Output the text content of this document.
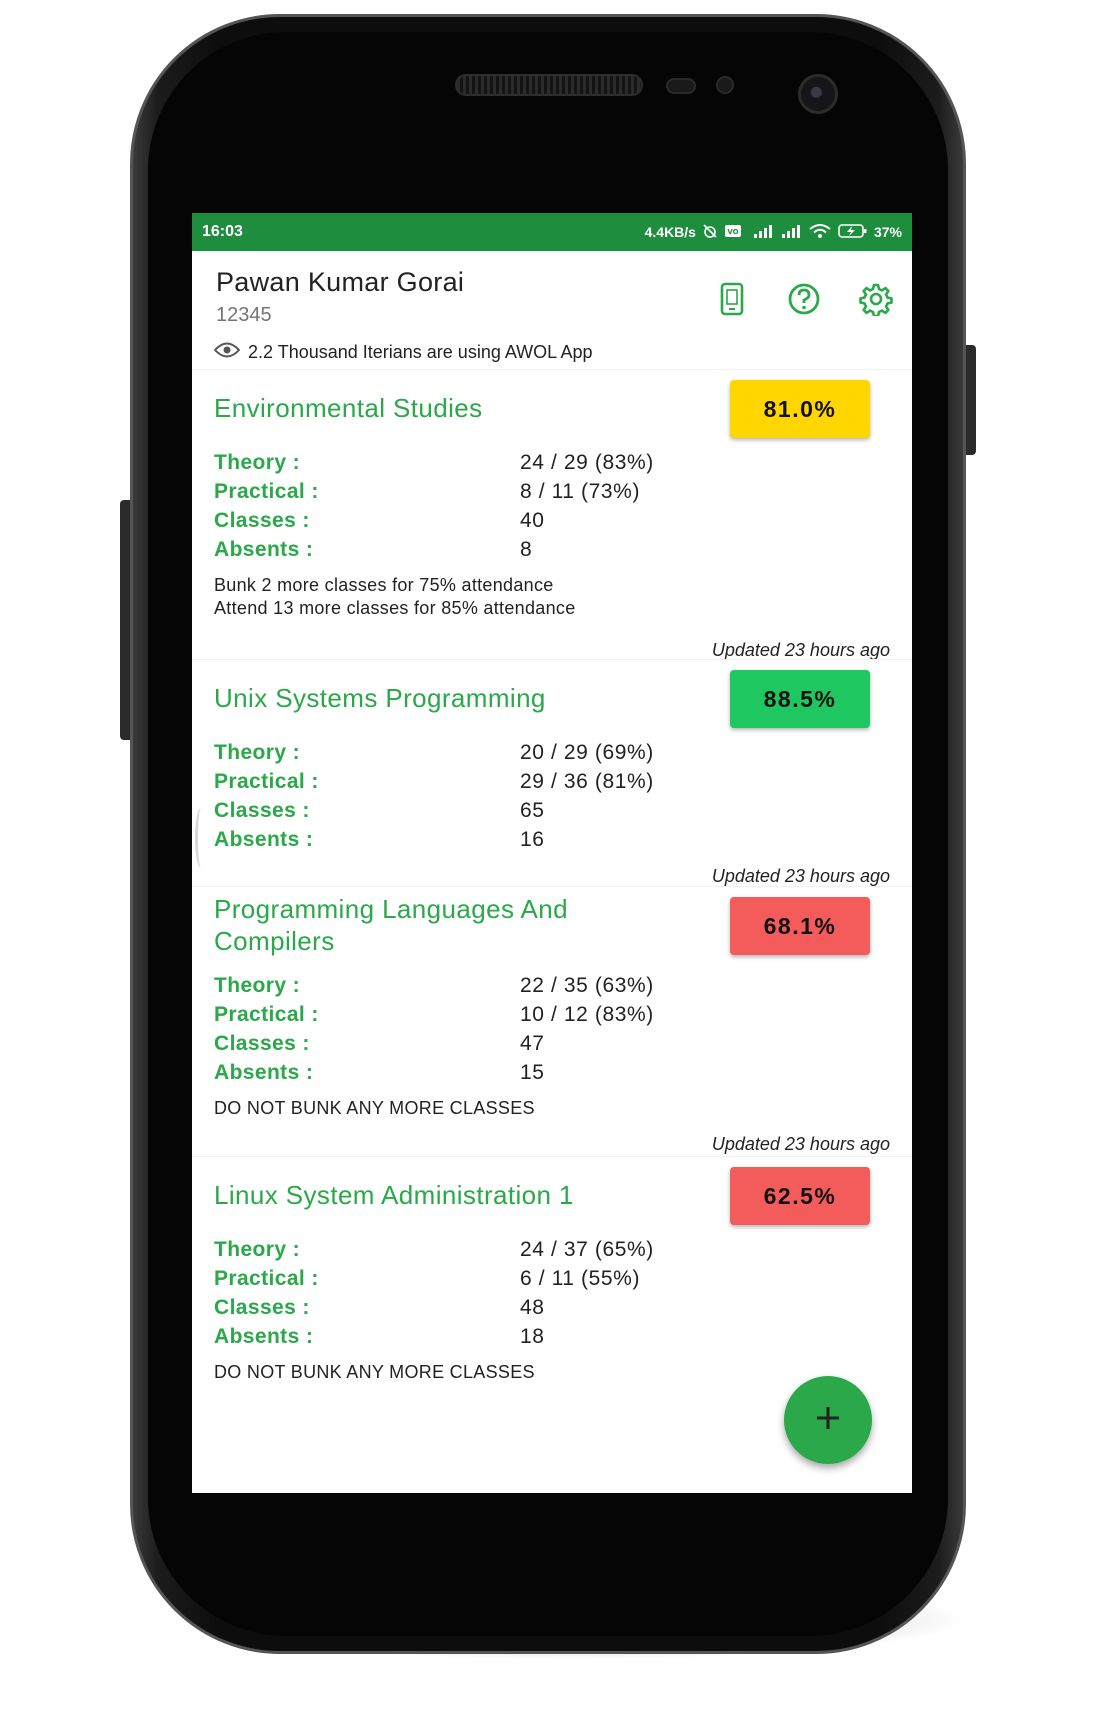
16:03	4.4KB/s	VO	37%
Pawan Kumar Gorai
12345
2.2 Thousand Iterians are using AWOL App
81.0%
Environmental Studies
Theory :	24 / 29 (83%)
Practical :	8 / 11 (73%)
Classes :	40
Absents :	8
Bunk 2 more classes for 75% attendance
Attend 13 more classes for 85% attendance
Updated 23 hours ago
88.5%
Unix Systems Programming
Theory :	20 / 29 (69%)
Practical :	29 / 36 (81%)
Classes :	65
Absents :	16
Updated 23 hours ago
68.1%
Programming Languages And Compilers
Theory :	22 / 35 (63%)
Practical :	10 / 12 (83%)
Classes :	47
Absents :	15
DO NOT BUNK ANY MORE CLASSES
Updated 23 hours ago
62.5%
Linux System Administration 1
Theory :	24 / 37 (65%)
Practical :	6 / 11 (55%)
Classes :	48
Absents :	18
DO NOT BUNK ANY MORE CLASSES
